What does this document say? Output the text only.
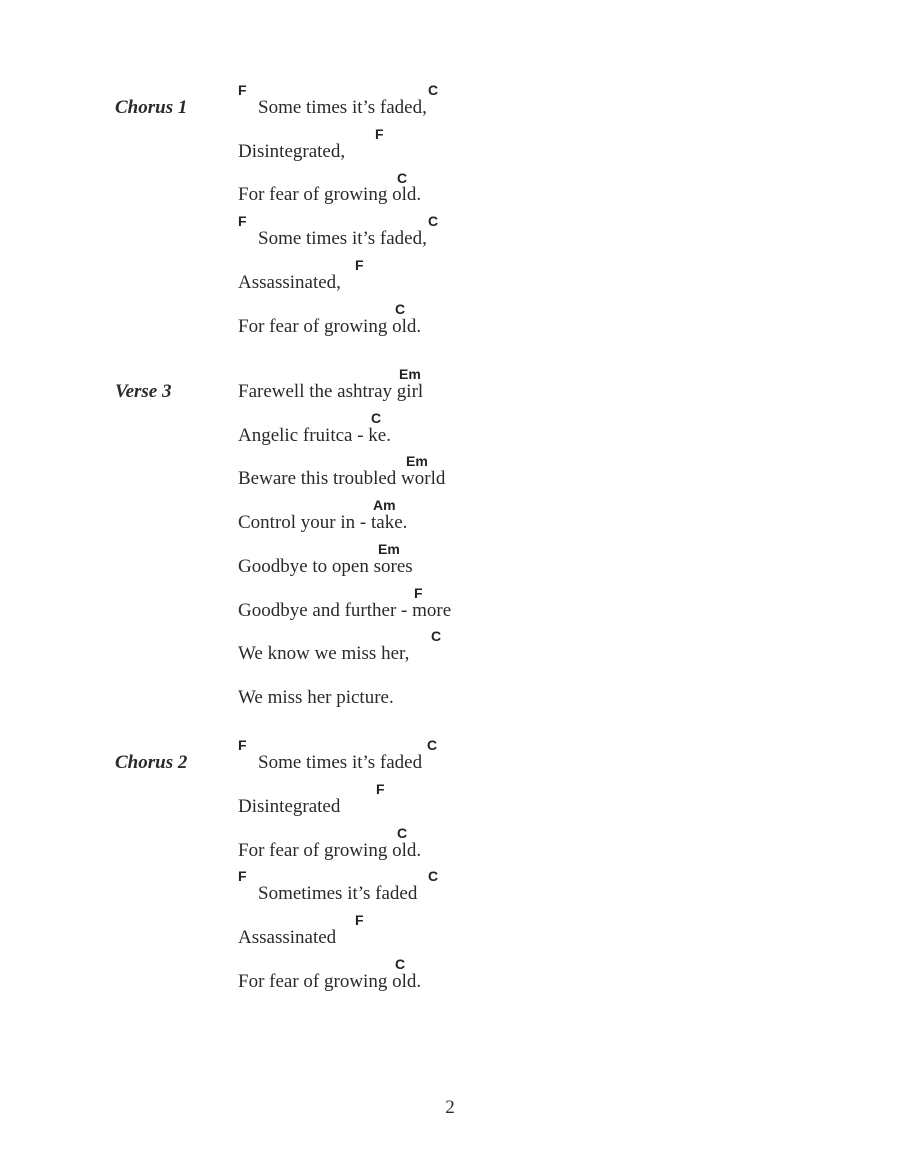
Chorus 1
F	C
Some times it’s faded,
F
Disintegrated,
C
For fear of growing old.
F	C
Some times it’s faded,
F
Assassinated,
C
For fear of growing old.
Verse 3
Em
Farewell the ashtray girl
C
Angelic fruitca - ke.
Em
Beware this troubled world
Am
Control your in - take.
Em
Goodbye to open sores
F
Goodbye and further - more
C
We know we miss her,
We miss her picture.
Chorus 2
F	C
Some times it’s faded
F
Disintegrated
C
For fear of growing old.
F	C
Sometimes it’s faded
F
Assassinated
C
For fear of growing old.
2
